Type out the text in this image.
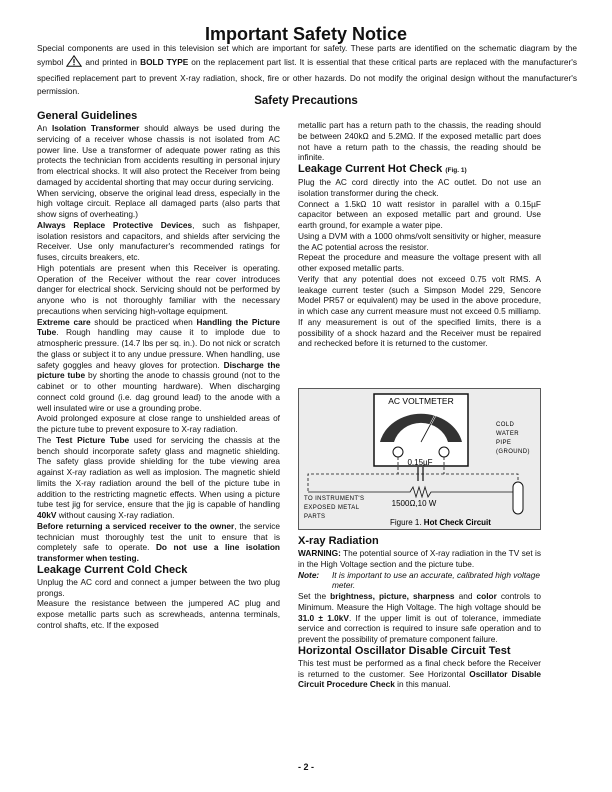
Important Safety Notice
Special components are used in this television set which are important for safety. These parts are identified on the schematic diagram by the symbol  and printed in BOLD TYPE on the replacement part list. It is essential that these critical parts are replaced with the manufacturer's specified replacement part to prevent X-ray radiation, shock, fire or other hazards. Do not modify the original design without the manufacturer's permission.
Safety Precautions
General Guidelines

An Isolation Transformer should always be used during the servicing of a receiver whose chassis is not isolated from AC power line. Use a transformer of adequate power rating as this protects the technician from accidents resulting in personal injury from electrical shocks. It will also protect the Receiver from being damaged by accidental shorting that may occur during servicing.

When servicing, observe the original lead dress, especially in the high voltage circuit. Replace all damaged parts (also parts that show signs of overheating.)

Always Replace Protective Devices, such as fishpaper, isolation resistors and capacitors, and shields after servicing the Receiver. Use only manufacturer's recommended ratings for fuses, circuits breakers, etc.

High potentials are present when this Receiver is operating. Operation of the Receiver without the rear cover introduces danger for electrical shock. Servicing should not be performed by anyone who is not thoroughly familiar with the necessary precautions when servicing high-voltage equipment.

Extreme care should be practiced when Handling the Picture Tube. Rough handling may cause it to implode due to atmospheric pressure. (14.7 lbs per sq. in.). Do not nick or scratch the glass or subject it to any undue pressure. When handling, use safety goggles and heavy gloves for protection. Discharge the picture tube by shorting the anode to chassis ground (not to the cabinet or to other mounting hardware). When discharging connect cold ground (i.e. dag ground lead) to the anode with a well insulated wire or use a grounding probe.

Avoid prolonged exposure at close range to unshielded areas of the picture tube to prevent exposure to X-ray radiation.

The Test Picture Tube used for servicing the chassis at the bench should incorporate safety glass and magnetic shielding. The safety glass provide shielding for the tube viewing area against X-ray radiation as well as implosion. The magnetic shield limits the X-ray radiation around the bell of the picture tube in addition to the restricting magnetic effects. When using a picture tube test jig for service, ensure that the jig is capable of handling 40kV without causing X-ray radiation.

Before returning a serviced receiver to the owner, the service technician must thoroughly test the unit to ensure that is completely safe to operate. Do not use a line isolation transformer when testing.

Leakage Current Cold Check

Unplug the AC cord and connect a jumper between the two plug prongs.

Measure the resistance between the jumpered AC plug and expose metallic parts such as screwheads, antenna terminals, control shafts, etc. If the exposed

metallic part has a return path to the chassis, the reading should be between 240kΩ and 5.2MΩ. If the exposed metallic part does not have a return path to the chassis, the reading should be infinite.

Leakage Current Hot Check (Fig. 1)

Plug the AC cord directly into the AC outlet. Do not use an isolation transformer during the check.

Connect a 1.5kΩ 10 watt resistor in parallel with a 0.15µF capacitor between an exposed metallic part and ground. Use earth ground, for example a water pipe.

Using a DVM with a 1000 ohms/volt sensitivity or higher, measure the AC potential across the resistor.

Repeat the procedure and measure the voltage present with all other exposed metallic parts.

Verify that any potential does not exceed 0.75 volt RMS. A leakage current tester (such a Simpson Model 229, Sencore Model PR57 or equivalent) may be used in the above procedure, in which case any current measure must not exceed 0.5 milliamp. If any measurement is out of the specified limits, there is a possibility of a shock hazard and the Receiver must be repaired and rechecked before it is returned to the customer.

AC VOLTMETER
0.15µF
1500Ω,10 W
TO INSTRUMENT'S
EXPOSED METAL
PARTS
COLD
WATER
PIPE
(GROUND)
Figure 1. Hot Check Circuit
X-ray Radiation

WARNING: The potential source of X-ray radiation in the TV set is in the High Voltage section and the picture tube.

Note:	It is important to use an accurate, calibrated high voltage meter.

Set the brightness, picture, sharpness and color controls to Minimum. Measure the High Voltage. The high voltage should be 31.0 ± 1.0kV. If the upper limit is out of tolerance, immediate service and correction is required to insure safe operation and to prevent the possibility of premature component failure.

Horizontal Oscillator Disable Circuit Test

This test must be performed as a final check before the Receiver is returned to the customer. See Horizontal Oscillator Disable Circuit Procedure Check in this manual.

- 2 -
